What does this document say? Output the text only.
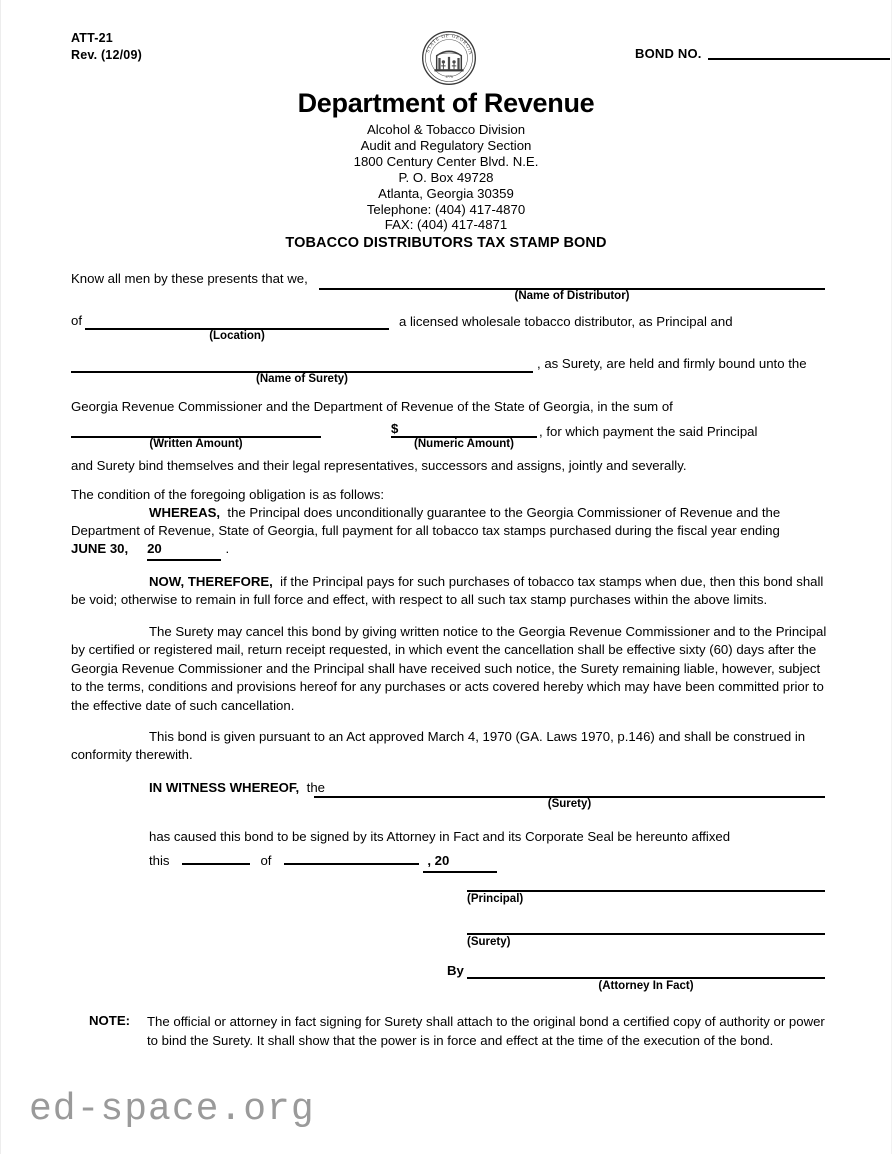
ATT-21
Rev. (12/09)	STATE OF GEORGIA
1776
BOND NO.
Department of Revenue
Alcohol & Tobacco Division
Audit and Regulatory Section
1800 Century Center Blvd. N.E.
P. O. Box 49728
Atlanta, Georgia 30359
Telephone: (404) 417-4870
FAX: (404) 417-4871
TOBACCO DISTRIBUTORS TAX STAMP BOND
Know all men by these presents that we,
(Name of Distributor)
of
(Location)
a licensed wholesale tobacco distributor, as Principal and
(Name of Surety)
, as Surety, are held and firmly bound unto the
Georgia Revenue Commissioner and the Department of Revenue of the State of Georgia, in the sum of
(Written Amount)
$
(Numeric Amount)
, for which payment the said Principal
and Surety bind themselves and their legal representatives, successors and assigns, jointly and severally.
The condition of the foregoing obligation is as follows:
WHEREAS, the Principal does unconditionally guarantee to the Georgia Commissioner of Revenue and the Department of Revenue, State of Georgia, full payment for all tobacco tax stamps purchased during the fiscal year ending
JUNE 30, 20	.
NOW, THEREFORE, if the Principal pays for such purchases of tobacco tax stamps when due, then this bond shall be void; otherwise to remain in full force and effect, with respect to all such tax stamp purchases within the above limits.
The Surety may cancel this bond by giving written notice to the Georgia Revenue Commissioner and to the Principal by certified or registered mail, return receipt requested, in which event the cancellation shall be effective sixty (60) days after the Georgia Revenue Commissioner and the Principal shall have received such notice, the Surety remaining liable, however, subject to the terms, conditions and provisions hereof for any purchases or acts covered hereby which may have been committed prior to the effective date of such cancellation.
This bond is given pursuant to an Act approved March 4, 1970 (GA. Laws 1970, p.146) and shall be construed in conformity therewith.
IN WITNESS WHEREOF, the
(Surety)
has caused this bond to be signed by its Attorney in Fact and its Corporate Seal be hereunto affixed
this	of	, 20
(Principal)
(Surety)
By
(Attorney In Fact)
NOTE: The official or attorney in fact signing for Surety shall attach to the original bond a certified copy of authority or power
to bind the Surety. It shall show that the power is in force and effect at the time of the execution of the bond.
ed-space.org
